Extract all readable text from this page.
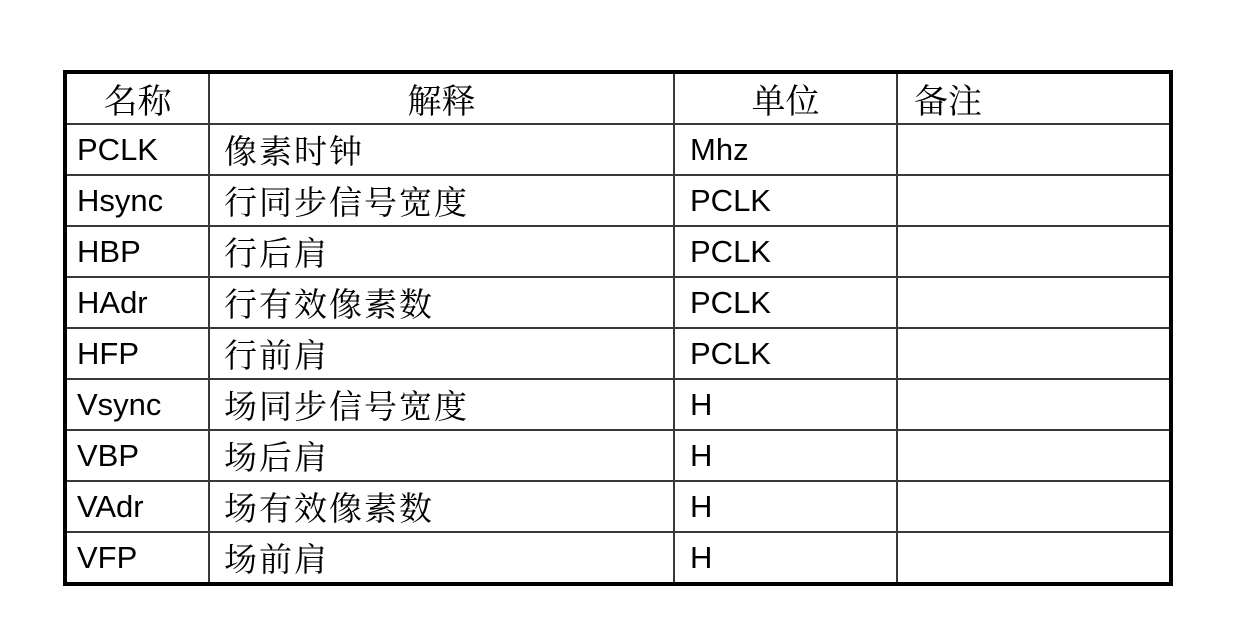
名称	解释	单位	备注
PCLK	像素时钟	Mhz	
Hsync	行同步信号宽度	PCLK	
HBP	行后肩	PCLK	
HAdr	行有效像素数	PCLK	
HFP	行前肩	PCLK	
Vsync	场同步信号宽度	H	
VBP	场后肩	H	
VAdr	场有效像素数	H	
VFP	场前肩	H	
